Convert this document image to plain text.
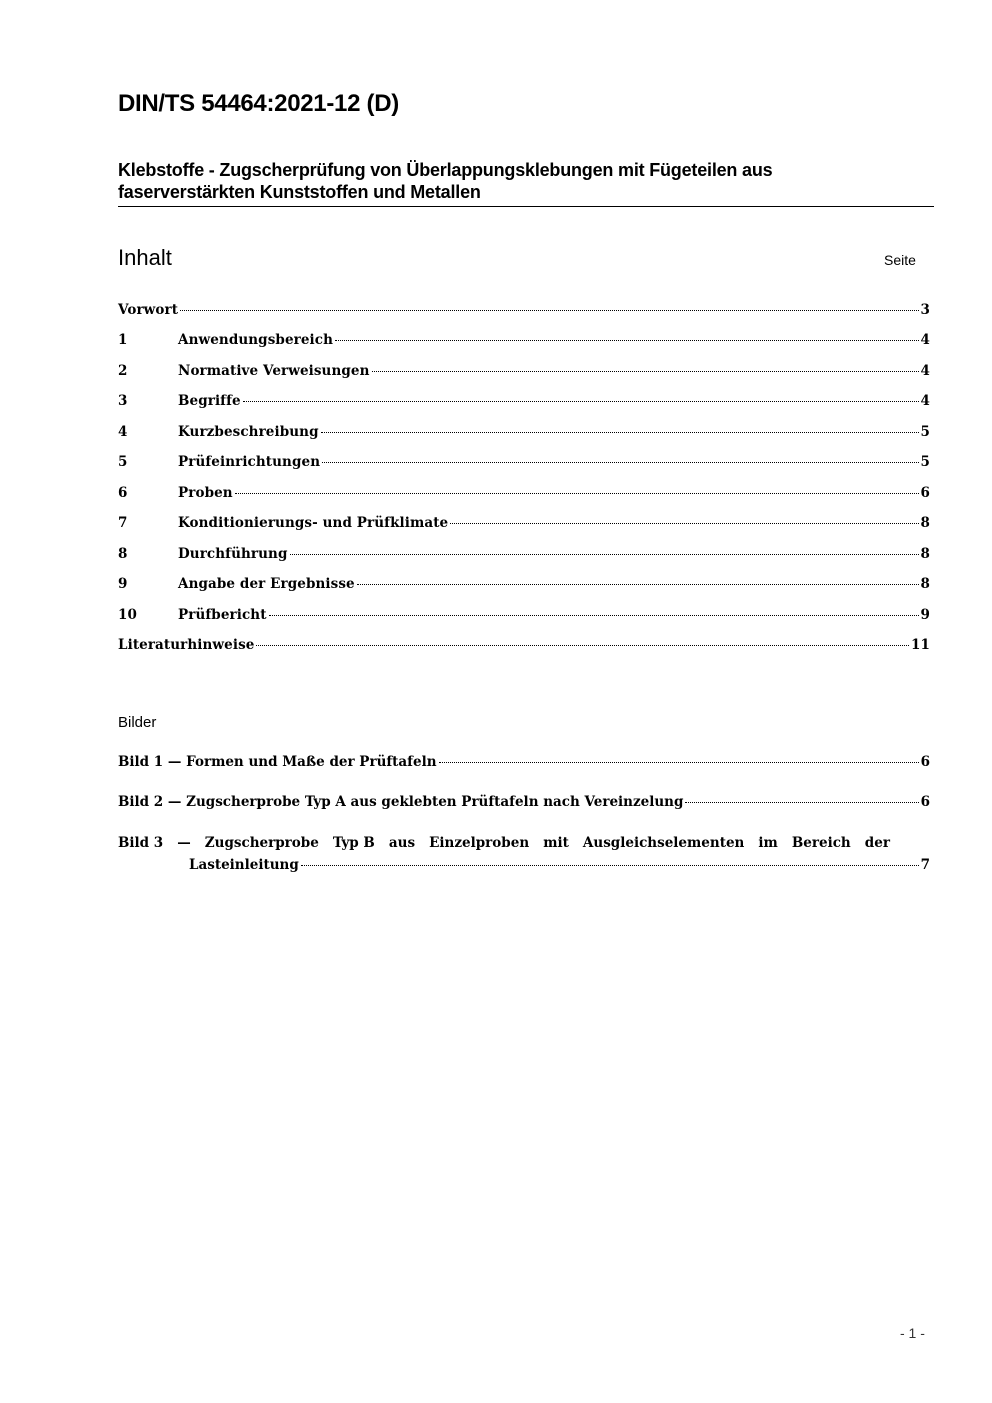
DIN/TS 54464:2021-12 (D)
Klebstoffe - Zugscherprüfung von Überlappungsklebungen mit Fügeteilen aus
faserverstärkten Kunststoffen und Metallen
Inhalt	Seite
Vorwort	3
1	Anwendungsbereich	4
2	Normative Verweisungen	4
3	Begriffe	4
4	Kurzbeschreibung	5
5	Prüfeinrichtungen	5
6	Proben	6
7	Konditionierungs- und Prüfklimate	8
8	Durchführung	8
9	Angabe der Ergebnisse	8
10	Prüfbericht	9
Literaturhinweise	11
Bilder
Bild 1 — Formen und Maße der Prüftafeln	6
Bild 2 — Zugscherprobe Typ A aus geklebten Prüftafeln nach Vereinzelung	6
Bild 3 — Zugscherprobe Typ B aus Einzelproben mit Ausgleichselementen im Bereich der
Lasteinleitung	7
- 1 -
